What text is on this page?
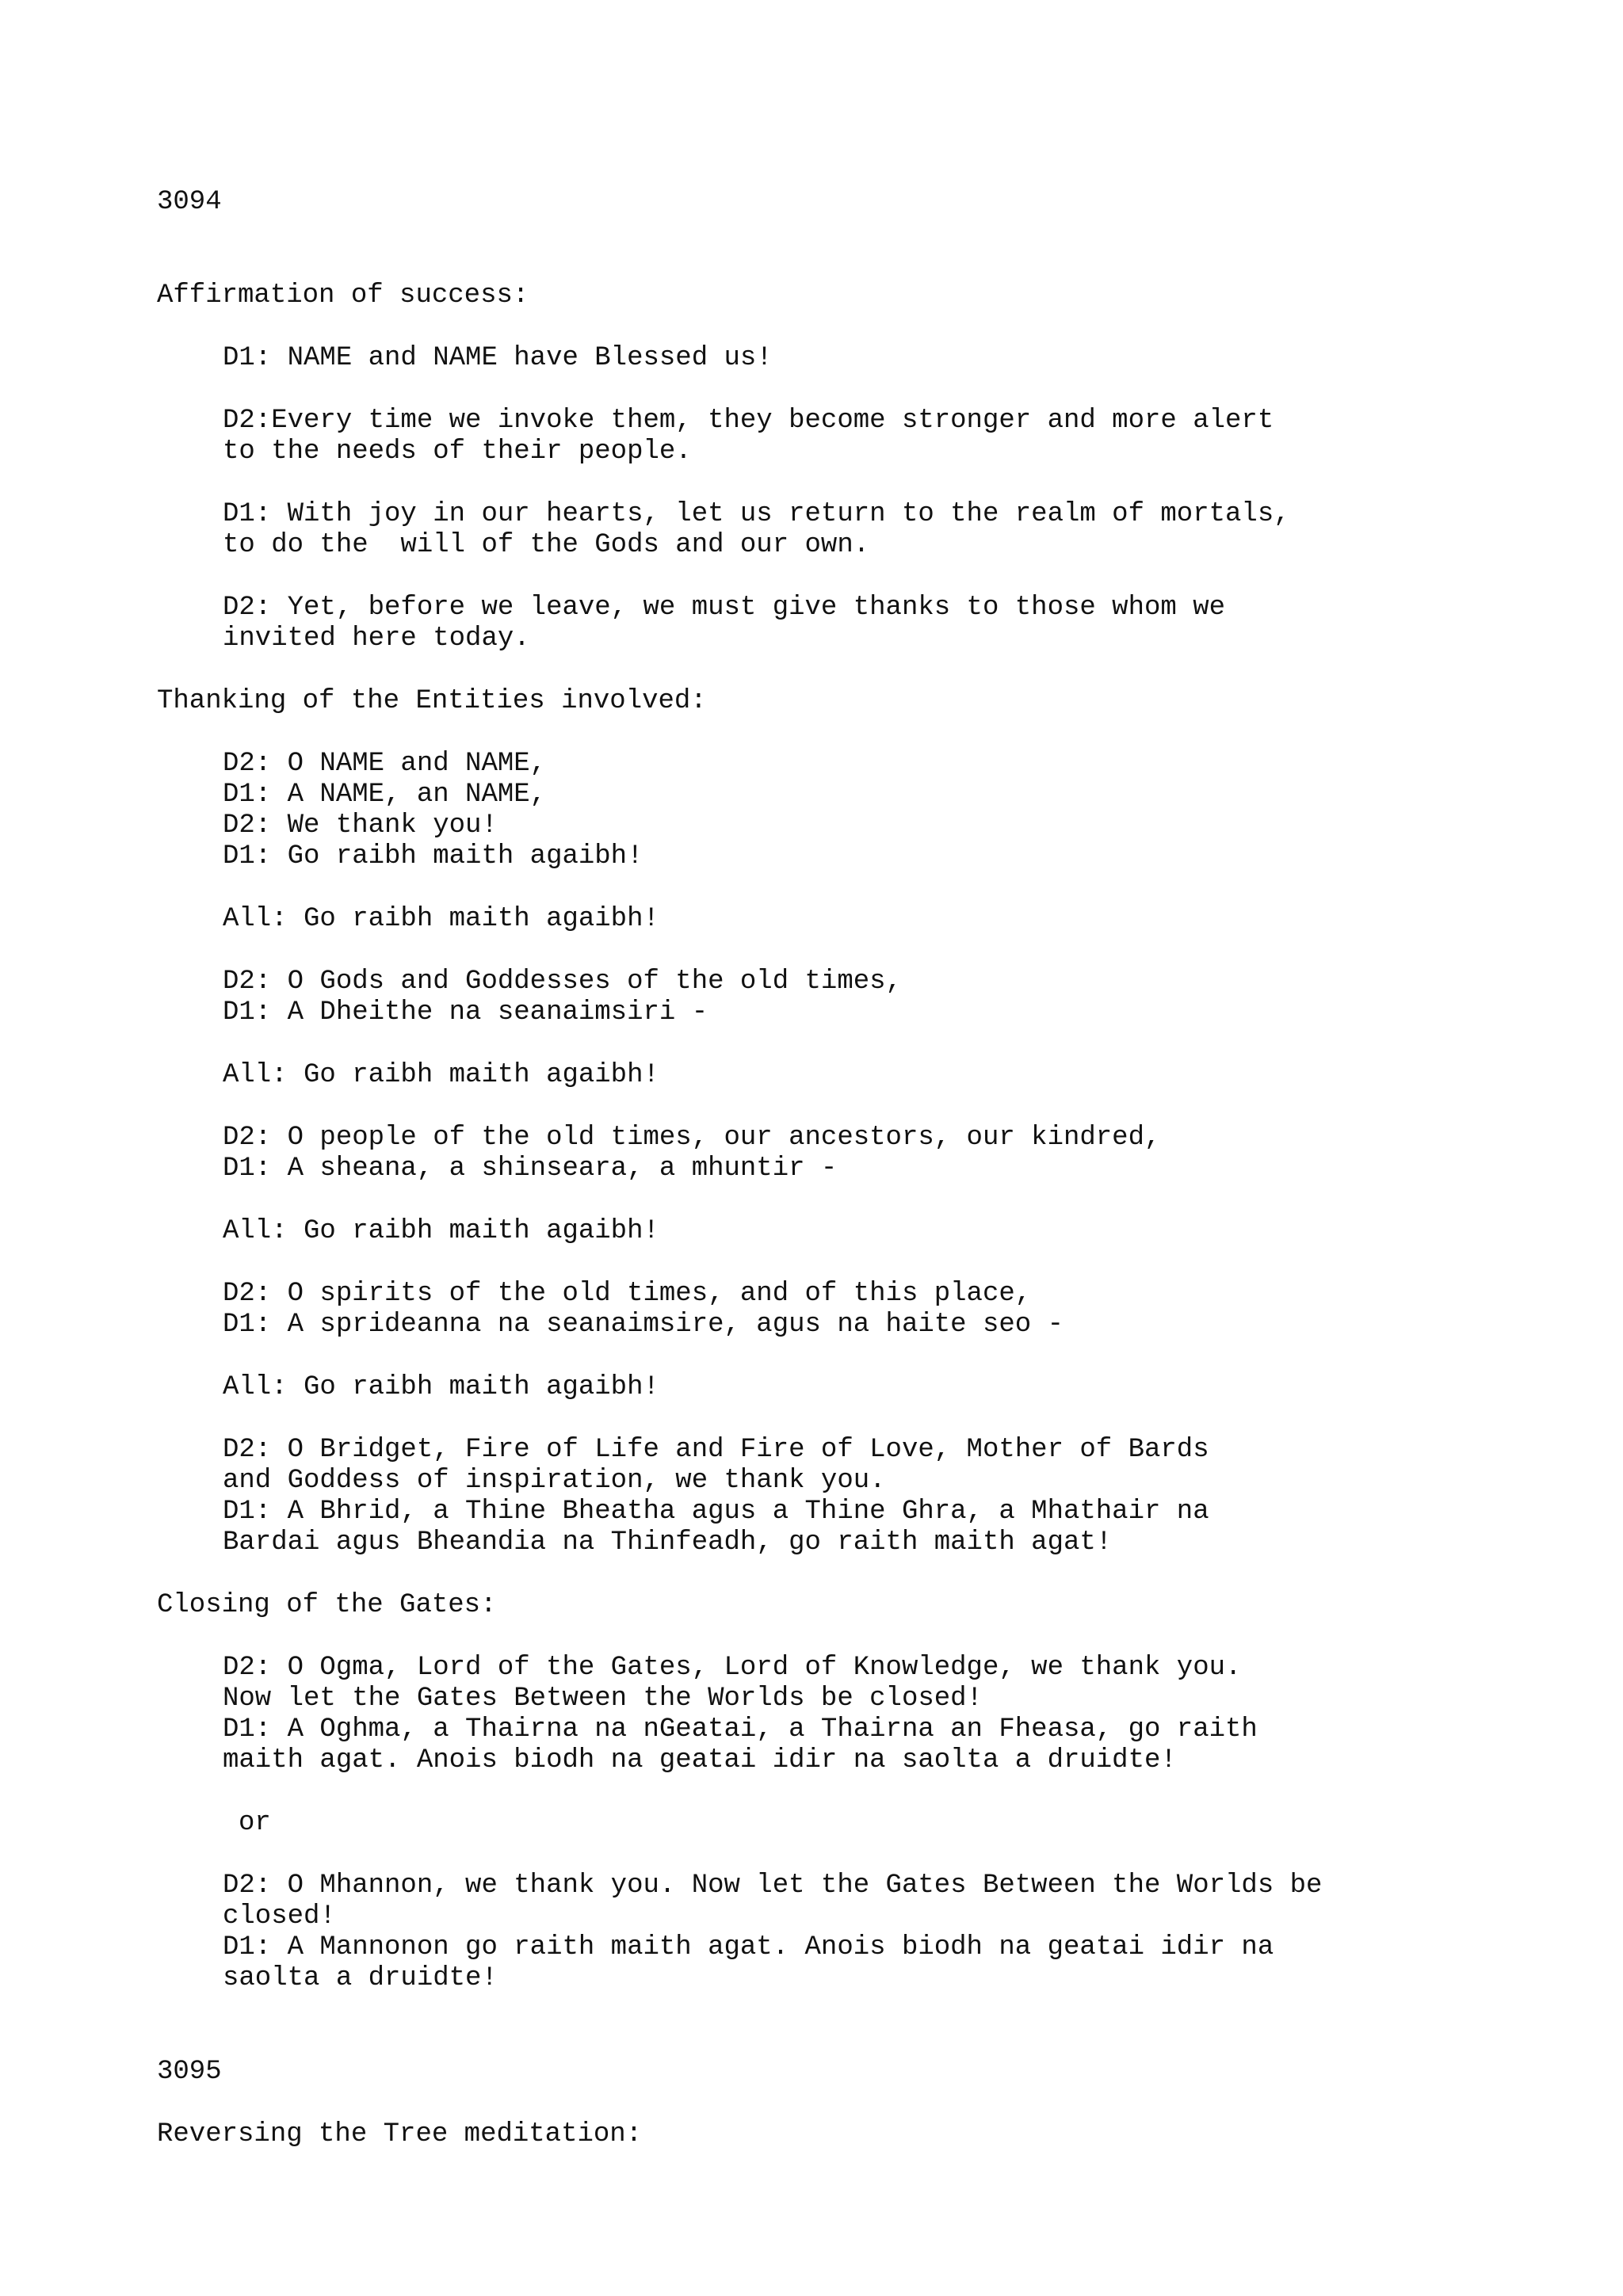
3094
Affirmation of success:
D1: NAME and NAME have Blessed us!
D2:Every time we invoke them, they become stronger and more alert
to the needs of their people.
D1: With joy in our hearts, let us return to the realm of mortals,
to do the  will of the Gods and our own.
D2: Yet, before we leave, we must give thanks to those whom we
invited here today.
Thanking of the Entities involved:
D2: O NAME and NAME,
D1: A NAME, an NAME,
D2: We thank you!
D1: Go raibh maith agaibh!
All: Go raibh maith agaibh!
D2: O Gods and Goddesses of the old times,
D1: A Dheithe na seanaimsiri -
All: Go raibh maith agaibh!
D2: O people of the old times, our ancestors, our kindred,
D1: A sheana, a shinseara, a mhuntir -
All: Go raibh maith agaibh!
D2: O spirits of the old times, and of this place,
D1: A sprideanna na seanaimsire, agus na haite seo -
All: Go raibh maith agaibh!
D2: O Bridget, Fire of Life and Fire of Love, Mother of Bards
and Goddess of inspiration, we thank you.
D1: A Bhrid, a Thine Bheatha agus a Thine Ghra, a Mhathair na
Bardai agus Bheandia na Thinfeadh, go raith maith agat!
Closing of the Gates:
D2: O Ogma, Lord of the Gates, Lord of Knowledge, we thank you.
Now let the Gates Between the Worlds be closed!
D1: A Oghma, a Thairna na nGeatai, a Thairna an Fheasa, go raith
maith agat. Anois biodh na geatai idir na saolta a druidte!
or
D2: O Mhannon, we thank you. Now let the Gates Between the Worlds be
closed!
D1: A Mannonon go raith maith agat. Anois biodh na geatai idir na
saolta a druidte!
3095
Reversing the Tree meditation:
